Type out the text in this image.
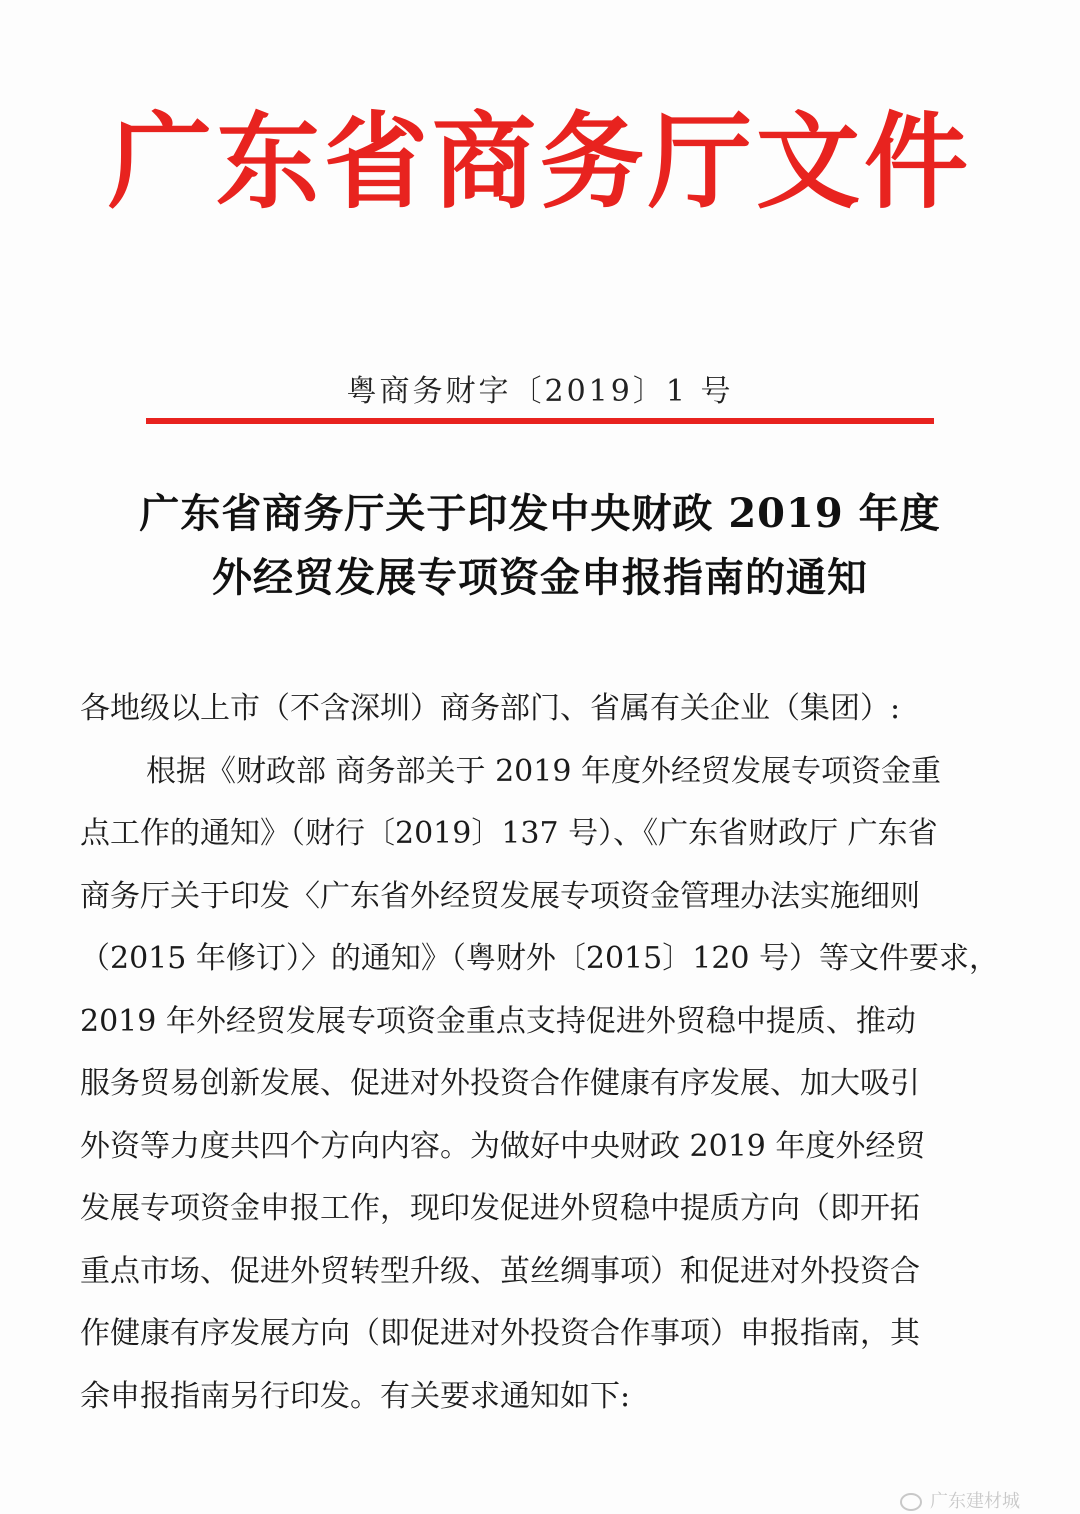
广东省商务厅文件
粤商务财字〔2019〕1 号
广东省商务厅关于印发中央财政 2019 年度
外经贸发展专项资金申报指南的通知
各地级以上市（不含深圳）商务部门、省属有关企业（集团）:
根据《财政部 商务部关于 2019 年度外经贸发展专项资金重
点工作的通知》（财行〔2019〕137 号）、《广东省财政厅 广东省
商务厅关于印发〈广东省外经贸发展专项资金管理办法实施细则
（2015 年修订）〉的通知》（粤财外〔2015〕120 号）等文件要求，
2019 年外经贸发展专项资金重点支持促进外贸稳中提质、推动
服务贸易创新发展、促进对外投资合作健康有序发展、加大吸引
外资等力度共四个方向内容。为做好中央财政 2019 年度外经贸
发展专项资金申报工作，现印发促进外贸稳中提质方向（即开拓
重点市场、促进外贸转型升级、茧丝绸事项）和促进对外投资合
作健康有序发展方向（即促进对外投资合作事项）申报指南，其
余申报指南另行印发。有关要求通知如下:
广东建材城
